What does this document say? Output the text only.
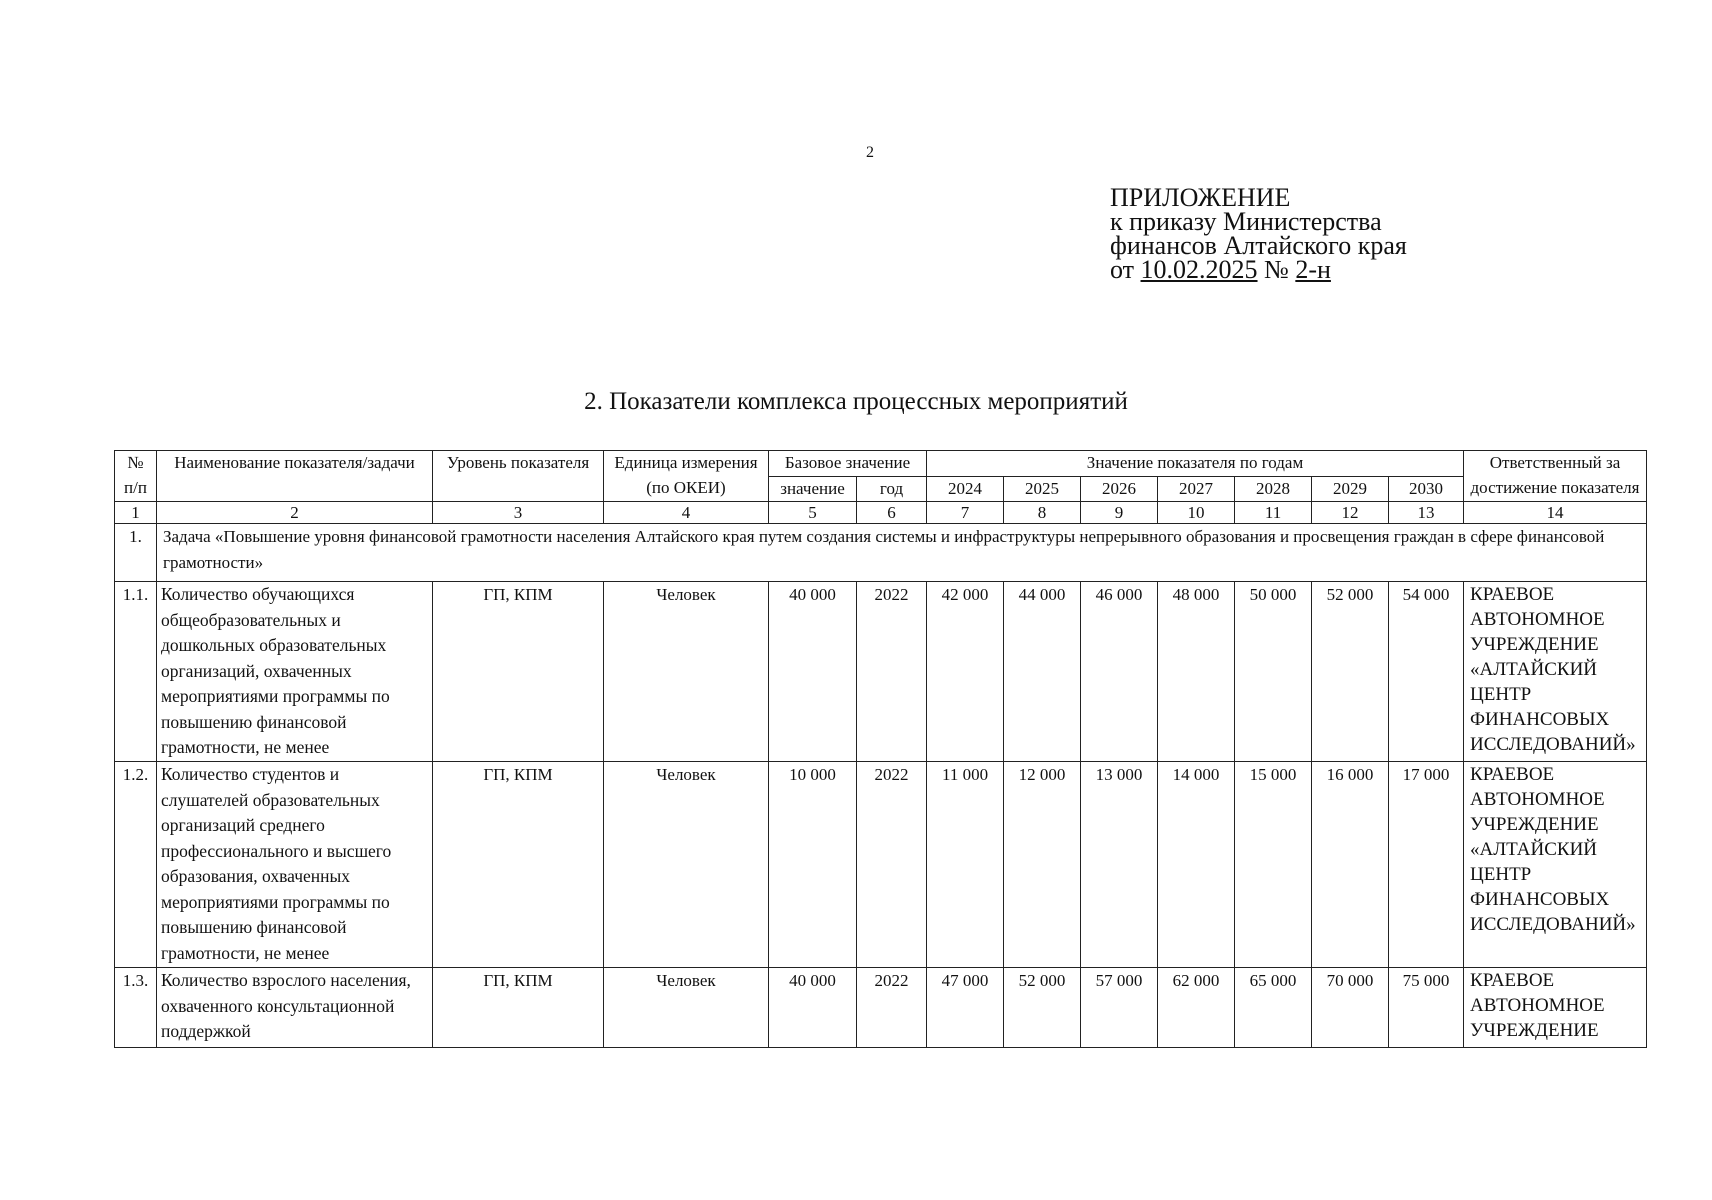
2
ПРИЛОЖЕНИЕ
к приказу Министерства
финансов Алтайского края
от 10.02.2025 № 2-н
2. Показатели комплекса процессных мероприятий
№ п/п	Наименование показателя/задачи	Уровень показателя	Единица измерения (по ОКЕИ)	Базовое значение		Значение показателя по годам							Ответственный за достижение показателя
				значение	год	2024	2025	2026	2027	2028	2029	2030	
1	2	3	4	5	6	7	8	9	10	11	12	13	14
1.	Задача «Повышение уровня финансовой грамотности населения Алтайского края путем создания системы и инфраструктуры непрерывного образования и просвещения граждан в сфере финансовой грамотности»												
1.1.	Количество обучающихся общеобразовательных и дошкольных образовательных организаций, охваченных мероприятиями программы по повышению финансовой грамотности, не менее	ГП, КПМ	Человек	40 000	2022	42 000	44 000	46 000	48 000	50 000	52 000	54 000	КРАЕВОЕ АВТОНОМНОЕ УЧРЕЖДЕНИЕ «АЛТАЙСКИЙ ЦЕНТР ФИНАНСОВЫХ ИССЛЕДОВАНИЙ»
1.2.	Количество студентов и слушателей образовательных организаций среднего профессионального и высшего образования, охваченных мероприятиями программы по повышению финансовой грамотности, не менее	ГП, КПМ	Человек	10 000	2022	11 000	12 000	13 000	14 000	15 000	16 000	17 000	КРАЕВОЕ АВТОНОМНОЕ УЧРЕЖДЕНИЕ «АЛТАЙСКИЙ ЦЕНТР ФИНАНСОВЫХ ИССЛЕДОВАНИЙ»
1.3.	Количество взрослого населения, охваченного консультационной поддержкой	ГП, КПМ	Человек	40 000	2022	47 000	52 000	57 000	62 000	65 000	70 000	75 000	КРАЕВОЕ АВТОНОМНОЕ УЧРЕЖДЕНИЕ
